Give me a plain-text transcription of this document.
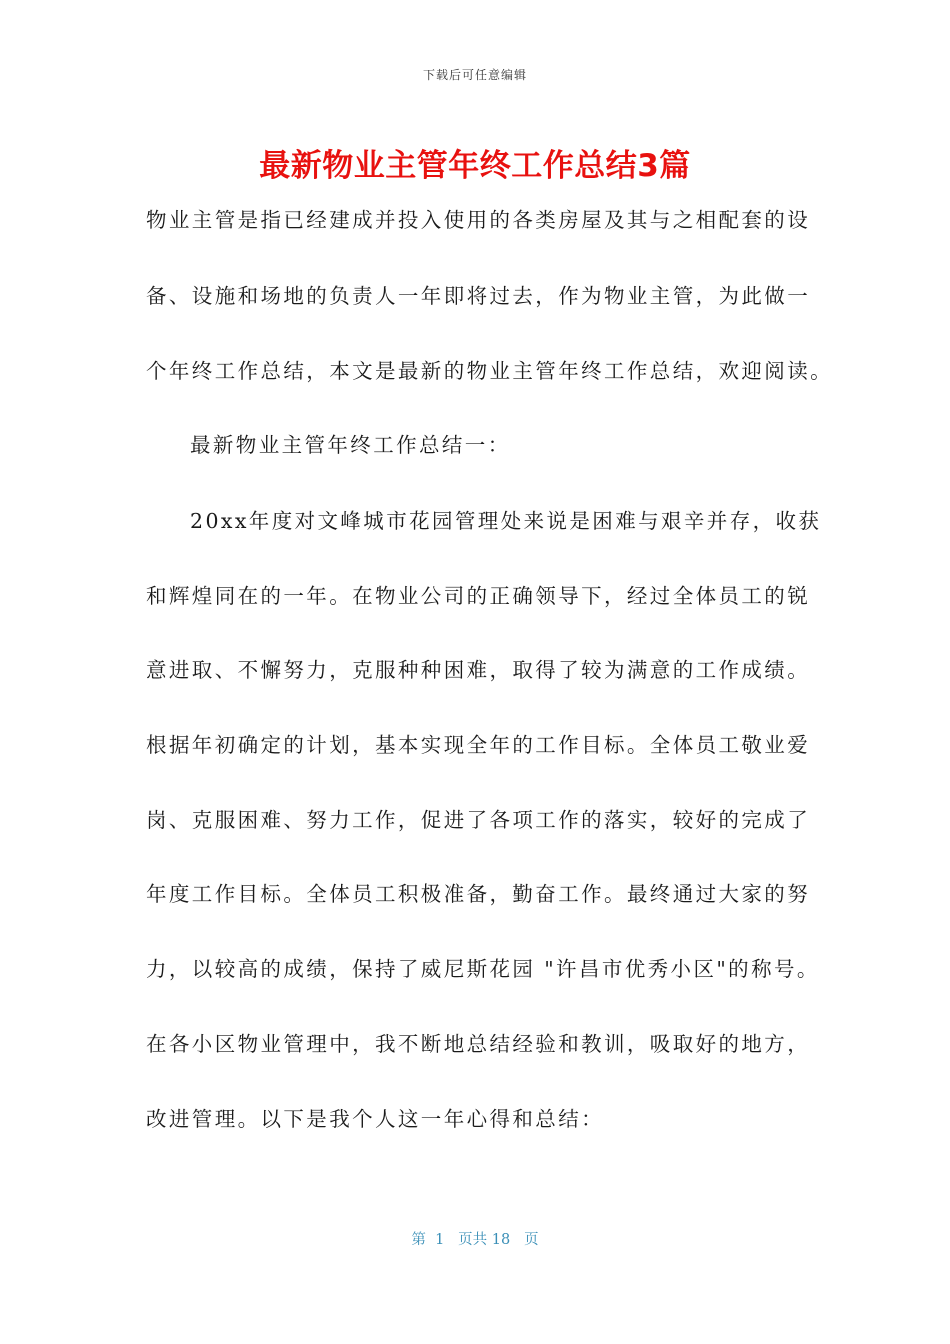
下载后可任意编辑
最新物业主管年终工作总结3篇
物业主管是指已经建成并投入使用的各类房屋及其与之相配套的设
备、设施和场地的负责人一年即将过去，作为物业主管，为此做一
个年终工作总结，本文是最新的物业主管年终工作总结，欢迎阅读。
最新物业主管年终工作总结一：
20xx年度对文峰城市花园管理处来说是困难与艰辛并存，收获
和辉煌同在的一年。在物业公司的正确领导下，经过全体员工的锐
意进取、不懈努力，克服种种困难，取得了较为满意的工作成绩。
根据年初确定的计划，基本实现全年的工作目标。全体员工敬业爱
岗、克服困难、努力工作，促进了各项工作的落实，较好的完成了
年度工作目标。全体员工积极准备，勤奋工作。最终通过大家的努
力，以较高的成绩，保持了威尼斯花园 "许昌市优秀小区"的称号。
在各小区物业管理中，我不断地总结经验和教训，吸取好的地方，
改进管理。以下是我个人这一年心得和总结：
第  1   页共 18   页
